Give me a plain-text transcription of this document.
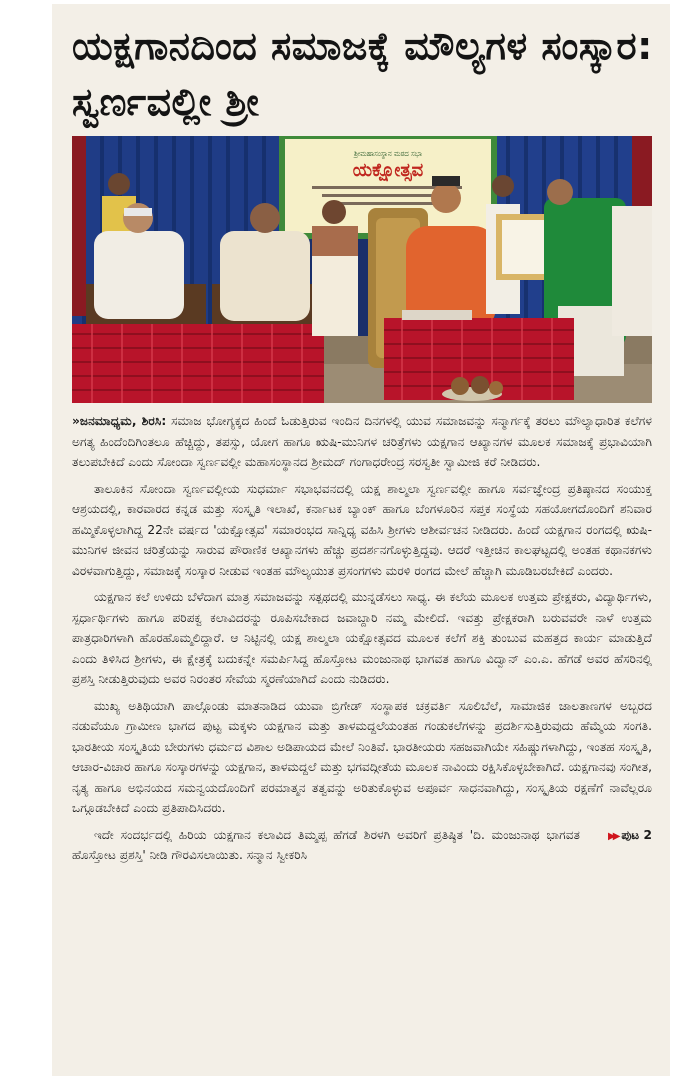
ಯಕ್ಷಗಾನದಿಂದ ಸಮಾಜಕ್ಕೆ ಮೌಲ್ಯಗಳ ಸಂಸ್ಕಾರ: ಸ್ವರ್ಣವಲ್ಲೀ ಶ್ರೀ
ಶ್ರೀಮಹಾಸಂಸ್ಥಾನ ಮಠದ ಸಭಾ
ಯಕ್ಷೋತ್ಸವ

»ಜನಮಾಧ್ಯಮ, ಶಿರಸಿ: ಸಮಾಜ ಭೋಗ್ಯಕ್ಕದ ಹಿಂದೆ ಓಡುತ್ತಿರುವ ಇಂದಿನ ದಿನಗಳಲ್ಲಿ ಯುವ ಸಮಾಜವನ್ನು ಸನ್ಮಾರ್ಗಕ್ಕೆ ತರಲು ಮೌಲ್ಯಾಧಾರಿತ ಕಲೆಗಳ ಅಗತ್ಯ ಹಿಂದೆಂದಿಗಿಂತಲೂ ಹೆಚ್ಚಿದ್ದು, ತಪಸ್ಸು, ಯೋಗ ಹಾಗೂ ಋಷಿ-ಮುನಿಗಳ ಚರಿತ್ರೆಗಳು ಯಕ್ಷಗಾನ ಆಖ್ಯಾನಗಳ ಮೂಲಕ ಸಮಾಜಕ್ಕೆ ಪ್ರಭಾವಿಯಾಗಿ ತಲುಪಬೇಕಿದೆ ಎಂದು ಸೋಂದಾ ಸ್ವರ್ಣವಲ್ಲೀ ಮಹಾಸಂಸ್ಥಾನದ ಶ್ರೀಮದ್ ಗಂಗಾಧರೇಂದ್ರ ಸರಸ್ವತೀ ಸ್ವಾಮೀಜಿ ಕರೆ ನೀಡಿದರು.

ತಾಲೂಕಿನ ಸೋಂದಾ ಸ್ವರ್ಣವಲ್ಲೀಯ ಸುಧರ್ಮಾ ಸಭಾಭವನದಲ್ಲಿ ಯಕ್ಷ ಶಾಲ್ಮಲಾ ಸ್ವರ್ಣವಲ್ಲೀ ಹಾಗೂ ಸರ್ವಜ್ಞೇಂದ್ರ ಪ್ರತಿಷ್ಠಾನದ ಸಂಯುಕ್ತ ಆಶ್ರಯದಲ್ಲಿ, ಕಾರವಾರದ ಕನ್ನಡ ಮತ್ತು ಸಂಸ್ಕೃತಿ ಇಲಾಖೆ, ಕರ್ನಾಟಕ ಬ್ಯಾಂಕ್ ಹಾಗೂ ಬೆಂಗಳೂರಿನ ಸಪ್ತಕ ಸಂಸ್ಥೆಯ ಸಹಯೋಗದೊಂದಿಗೆ ಶನಿವಾರ ಹಮ್ಮಿಕೊಳ್ಳಲಾಗಿದ್ದ 22ನೇ ವರ್ಷದ 'ಯಕ್ಷೋತ್ಸವ' ಸಮಾರಂಭದ ಸಾನ್ನಿಧ್ಯ ವಹಿಸಿ ಶ್ರೀಗಳು ಆಶೀರ್ವಚನ ನೀಡಿದರು. ಹಿಂದೆ ಯಕ್ಷಗಾನ ರಂಗದಲ್ಲಿ ಋಷಿ-ಮುನಿಗಳ ಜೀವನ ಚರಿತ್ರೆಯನ್ನು ಸಾರುವ ಪೌರಾಣಿಕ ಆಖ್ಯಾನಗಳು ಹೆಚ್ಚು ಪ್ರದರ್ಶನಗೊಳ್ಳುತ್ತಿದ್ದವು. ಆದರೆ ಇತ್ತೀಚಿನ ಕಾಲಘಟ್ಟದಲ್ಲಿ ಅಂತಹ ಕಥಾನಕಗಳು ವಿರಳವಾಗುತ್ತಿದ್ದು, ಸಮಾಜಕ್ಕೆ ಸಂಸ್ಕಾರ ನೀಡುವ ಇಂತಹ ಮೌಲ್ಯಯುತ ಪ್ರಸಂಗಗಳು ಮರಳಿ ರಂಗದ ಮೇಲೆ ಹೆಚ್ಚಾಗಿ ಮೂಡಿಬರಬೇಕಿದೆ ಎಂದರು.

ಯಕ್ಷಗಾನ ಕಲೆ ಉಳಿದು ಬೆಳೆದಾಗ ಮಾತ್ರ ಸಮಾಜವನ್ನು ಸತ್ಪಥದಲ್ಲಿ ಮುನ್ನಡೆಸಲು ಸಾಧ್ಯ. ಈ ಕಲೆಯ ಮೂಲಕ ಉತ್ತಮ ಪ್ರೇಕ್ಷಕರು, ವಿದ್ಯಾರ್ಥಿಗಳು, ಸ್ಪರ್ಧಾರ್ಥಿಗಳು ಹಾಗೂ ಪರಿಪಕ್ವ ಕಲಾವಿದರನ್ನು ರೂಪಿಸಬೇಕಾದ ಜವಾಬ್ದಾರಿ ನಮ್ಮ ಮೇಲಿದೆ. ಇವತ್ತು ಪ್ರೇಕ್ಷಕರಾಗಿ ಬರುವವರೇ ನಾಳೆ ಉತ್ತಮ ಪಾತ್ರಧಾರಿಗಳಾಗಿ ಹೊರಹೊಮ್ಮಲಿದ್ದಾರೆ. ಆ ನಿಟ್ಟಿನಲ್ಲಿ ಯಕ್ಷ ಶಾಲ್ಮಲಾ ಯಕ್ಷೋತ್ಸವದ ಮೂಲಕ ಕಲೆಗೆ ಶಕ್ತಿ ತುಂಬುವ ಮಹತ್ತದ ಕಾರ್ಯ ಮಾಡುತ್ತಿದೆ ಎಂದು ತಿಳಿಸಿದ ಶ್ರೀಗಳು, ಈ ಕ್ಷೇತ್ರಕ್ಕೆ ಬದುಕನ್ನೇ ಸಮರ್ಪಿಸಿದ್ದ ಹೊಸ್ತೋಟ ಮಂಜುನಾಥ ಭಾಗವತ ಹಾಗೂ ವಿದ್ವಾನ್ ಎಂ.ಎ. ಹೆಗಡೆ ಅವರ ಹೆಸರಿನಲ್ಲಿ ಪ್ರಶಸ್ತಿ ನೀಡುತ್ತಿರುವುದು ಅವರ ನಿರಂತರ ಸೇವೆಯ ಸ್ಮರಣೆಯಾಗಿದೆ ಎಂದು ನುಡಿದರು.

ಮುಖ್ಯ ಅತಿಥಿಯಾಗಿ ಪಾಲ್ಗೊಂಡು ಮಾತನಾಡಿದ ಯುವಾ ಬ್ರಿಗೇಡ್ ಸಂಸ್ಥಾಪಕ ಚಕ್ರವರ್ತಿ ಸೂಲಿಬೆಲೆ, ಸಾಮಾಜಿಕ ಜಾಲತಾಣಗಳ ಅಬ್ಬರದ ನಡುವೆಯೂ ಗ್ರಾಮೀಣ ಭಾಗದ ಪುಟ್ಟ ಮಕ್ಕಳು ಯಕ್ಷಗಾನ ಮತ್ತು ತಾಳಮದ್ದಲೆಯಂತಹ ಗಂಡುಕಲೆಗಳನ್ನು ಪ್ರದರ್ಶಿಸುತ್ತಿರುವುದು ಹೆಮ್ಮೆಯ ಸಂಗತಿ. ಭಾರತೀಯ ಸಂಸ್ಕೃತಿಯ ಬೇರುಗಳು ಧರ್ಮದ ವಿಶಾಲ ಅಡಿಪಾಯದ ಮೇಲೆ ನಿಂತಿವೆ. ಭಾರತೀಯರು ಸಹಜವಾಗಿಯೇ ಸಹಿಷ್ಣುಗಳಾಗಿದ್ದು, ಇಂತಹ ಸಂಸ್ಕೃತಿ, ಆಚಾರ-ವಿಚಾರ ಹಾಗೂ ಸಂಸ್ಕಾರಗಳನ್ನು ಯಕ್ಷಗಾನ, ತಾಳಮದ್ದಲೆ ಮತ್ತು ಭಗವದ್ಗೀತೆಯ ಮೂಲಕ ನಾವಿಂದು ರಕ್ಷಿಸಿಕೊಳ್ಳಬೇಕಾಗಿದೆ. ಯಕ್ಷಗಾನವು ಸಂಗೀತ, ನೃತ್ಯ ಹಾಗೂ ಅಭಿನಯದ ಸಮನ್ವಯದೊಂದಿಗೆ ಪರಮಾತ್ಮನ ತತ್ವವನ್ನು ಅರಿತುಕೊಳ್ಳುವ ಅಪೂರ್ವ ಸಾಧನವಾಗಿದ್ದು, ಸಂಸ್ಕೃತಿಯ ರಕ್ಷಣೆಗೆ ನಾವೆಲ್ಲರೂ ಒಗ್ಗೂಡಬೇಕಿದೆ ಎಂದು ಪ್ರತಿಪಾದಿಸಿದರು.

▶▶ ಪುಟ 2
ಇದೇ ಸಂದರ್ಭದಲ್ಲಿ ಹಿರಿಯ ಯಕ್ಷಗಾನ ಕಲಾವಿದ ತಿಮ್ಮಪ್ಪ ಹೆಗಡೆ ಶಿರಳಗಿ ಅವರಿಗೆ ಪ್ರತಿಷ್ಠಿತ 'ದಿ. ಮಂಜುನಾಥ ಭಾಗವತ ಹೊಸ್ತೋಟ ಪ್ರಶಸ್ತಿ' ನೀಡಿ ಗೌರವಿಸಲಾಯಿತು. ಸನ್ಮಾನ ಸ್ವೀಕರಿಸಿ
